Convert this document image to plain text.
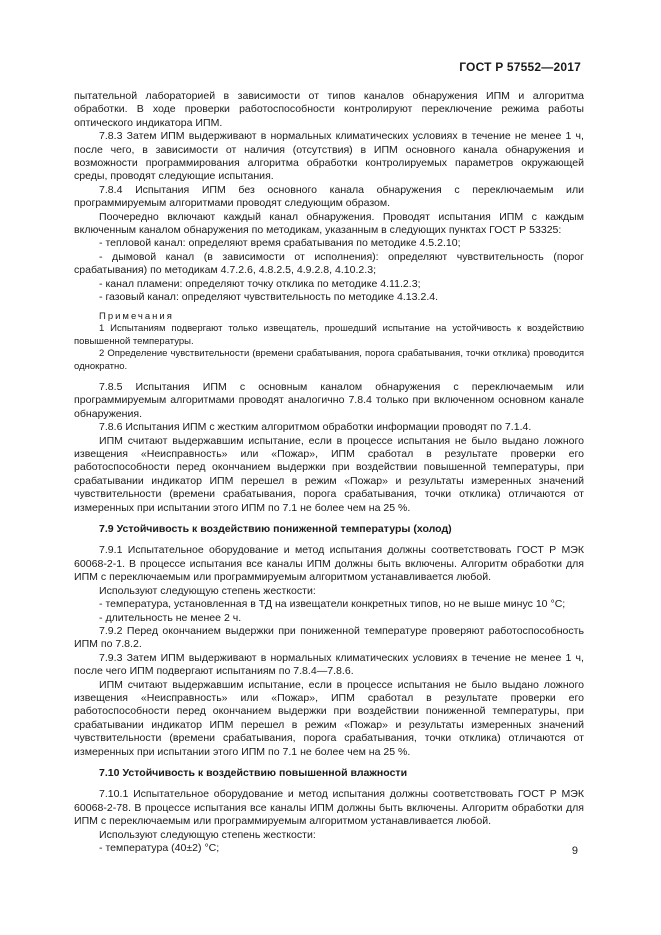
ГОСТ Р 57552—2017

пытательной лабораторией в зависимости от типов каналов обнаружения ИПМ и алгоритма обработки. В ходе проверки работоспособности контролируют переключение режима работы оптического индикатора ИПМ.

7.8.3 Затем ИПМ выдерживают в нормальных климатических условиях в течение не менее 1 ч, после чего, в зависимости от наличия (отсутствия) в ИПМ основного канала обнаружения и возможности программирования алгоритма обработки контролируемых параметров окружающей среды, проводят следующие испытания.

7.8.4 Испытания ИПМ без основного канала обнаружения с переключаемым или программируемым алгоритмами проводят следующим образом.

Поочередно включают каждый канал обнаружения. Проводят испытания ИПМ с каждым включенным каналом обнаружения по методикам, указанным в следующих пунктах ГОСТ Р 53325:

- тепловой канал: определяют время срабатывания по методике 4.5.2.10;

- дымовой канал (в зависимости от исполнения): определяют чувствительность (порог срабатывания) по методикам 4.7.2.6, 4.8.2.5, 4.9.2.8, 4.10.2.3;

- канал пламени: определяют точку отклика по методике 4.11.2.3;

- газовый канал: определяют чувствительность по методике 4.13.2.4.

Примечания

1 Испытаниям подвергают только извещатель, прошедший испытание на устойчивость к воздействию повышенной температуры.

2 Определение чувствительности (времени срабатывания, порога срабатывания, точки отклика) проводится однократно.

7.8.5 Испытания ИПМ с основным каналом обнаружения с переключаемым или программируемым алгоритмами проводят аналогично 7.8.4 только при включенном основном канале обнаружения.

7.8.6 Испытания ИПМ с жестким алгоритмом обработки информации проводят по 7.1.4.

ИПМ считают выдержавшим испытание, если в процессе испытания не было выдано ложного извещения «Неисправность» или «Пожар», ИПМ сработал в результате проверки его работоспособности перед окончанием выдержки при воздействии повышенной температуры, при срабатывании индикатор ИПМ перешел в режим «Пожар» и результаты измеренных значений чувствительности (времени срабатывания, порога срабатывания, точки отклика) отличаются от измеренных при испытании этого ИПМ по 7.1 не более чем на 25 %.

7.9 Устойчивость к воздействию пониженной температуры (холод)

7.9.1 Испытательное оборудование и метод испытания должны соответствовать ГОСТ Р МЭК 60068-2-1. В процессе испытания все каналы ИПМ должны быть включены. Алгоритм обработки для ИПМ с переключаемым или программируемым алгоритмом устанавливается любой.

Используют следующую степень жесткости:

- температура, установленная в ТД на извещатели конкретных типов, но не выше минус 10 °С;

- длительность не менее 2 ч.

7.9.2 Перед окончанием выдержки при пониженной температуре проверяют работоспособность ИПМ по 7.8.2.

7.9.3 Затем ИПМ выдерживают в нормальных климатических условиях в течение не менее 1 ч, после чего ИПМ подвергают испытаниям по 7.8.4—7.8.6.

ИПМ считают выдержавшим испытание, если в процессе испытания не было выдано ложного извещения «Неисправность» или «Пожар», ИПМ сработал в результате проверки его работоспособности перед окончанием выдержки при воздействии пониженной температуры, при срабатывании индикатор ИПМ перешел в режим «Пожар» и результаты измеренных значений чувствительности (времени срабатывания, порога срабатывания, точки отклика) отличаются от измеренных при испытании этого ИПМ по 7.1 не более чем на 25 %.

7.10 Устойчивость к воздействию повышенной влажности

7.10.1 Испытательное оборудование и метод испытания должны соответствовать ГОСТ Р МЭК 60068-2-78. В процессе испытания все каналы ИПМ должны быть включены. Алгоритм обработки для ИПМ с переключаемым или программируемым алгоритмом устанавливается любой.

Используют следующую степень жесткости:

- температура (40±2) °С;	9
